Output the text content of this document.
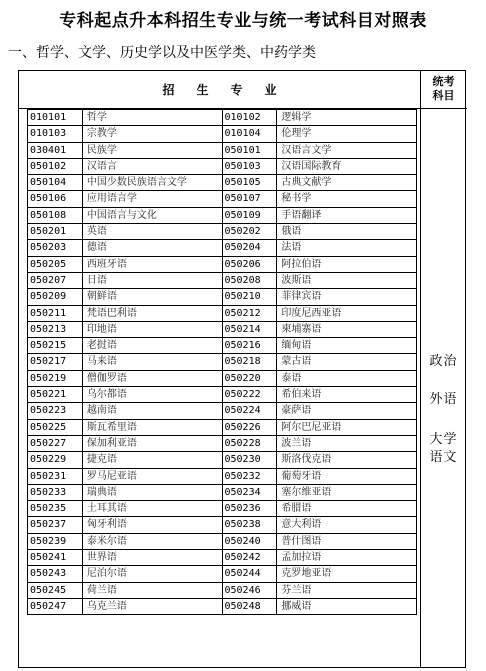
专科起点升本科招生专业与统一考试科目对照表
一、哲学、文学、历史学以及中医学类、中药学类
招生专业
统考
科目
010101	哲学	010102	逻辑学
010103	宗教学	010104	伦理学
030401	民族学	050101	汉语言文学
050102	汉语言	050103	汉语国际教育
050104	中国少数民族语言文学	050105	古典文献学
050106	应用语言学	050107	秘书学
050108	中国语言与文化	050109	手语翻译
050201	英语	050202	俄语
050203	德语	050204	法语
050205	西班牙语	050206	阿拉伯语
050207	日语	050208	波斯语
050209	朝鲜语	050210	菲律宾语
050211	梵语巴利语	050212	印度尼西亚语
050213	印地语	050214	柬埔寨语
050215	老挝语	050216	缅甸语
050217	马来语	050218	蒙古语
050219	僧伽罗语	050220	泰语
050221	乌尔都语	050222	希伯来语
050223	越南语	050224	豪萨语
050225	斯瓦希里语	050226	阿尔巴尼亚语
050227	保加利亚语	050228	波兰语
050229	捷克语	050230	斯洛伐克语
050231	罗马尼亚语	050232	葡萄牙语
050233	瑞典语	050234	塞尔维亚语
050235	土耳其语	050236	希腊语
050237	匈牙利语	050238	意大利语
050239	泰米尔语	050240	普什图语
050241	世界语	050242	孟加拉语
050243	尼泊尔语	050244	克罗地亚语
050245	荷兰语	050246	芬兰语
050247	乌克兰语	050248	挪威语
政治
外语
大学
语文
